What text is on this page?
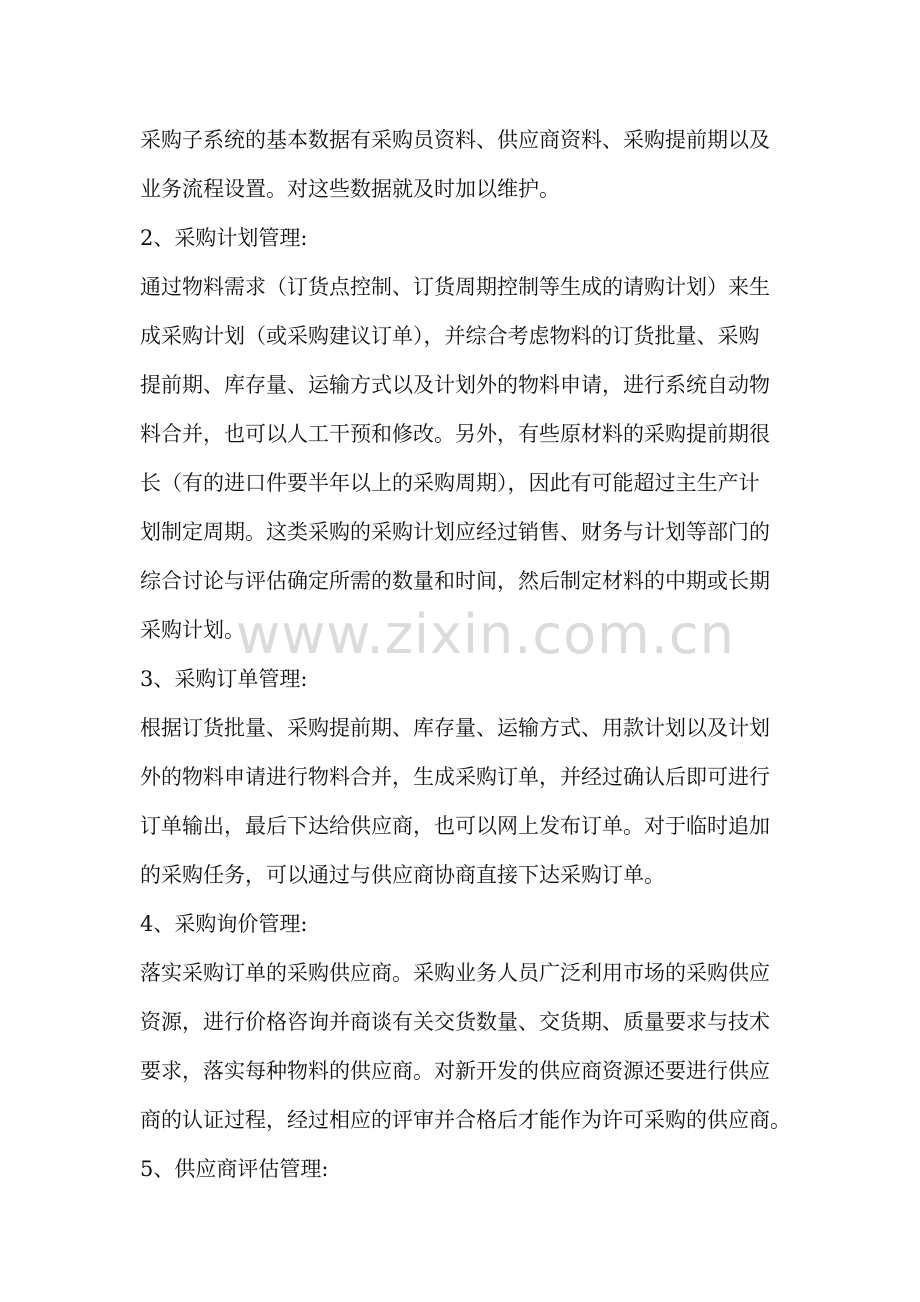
采购子系统的基本数据有采购员资料、供应商资料、采购提前期以及
业务流程设置。对这些数据就及时加以维护。
2、采购计划管理:
通过物料需求（订货点控制、订货周期控制等生成的请购计划）来生
成采购计划（或采购建议订单），并综合考虑物料的订货批量、采购
提前期、库存量、运输方式以及计划外的物料申请，进行系统自动物
料合并，也可以人工干预和修改。另外，有些原材料的采购提前期很
长（有的进口件要半年以上的采购周期），因此有可能超过主生产计
划制定周期。这类采购的采购计划应经过销售、财务与计划等部门的
综合讨论与评估确定所需的数量和时间，然后制定材料的中期或长期
采购计划。
3、采购订单管理:
根据订货批量、采购提前期、库存量、运输方式、用款计划以及计划
外的物料申请进行物料合并，生成采购订单，并经过确认后即可进行
订单输出，最后下达给供应商，也可以网上发布订单。对于临时追加
的采购任务，可以通过与供应商协商直接下达采购订单。
4、采购询价管理:
落实采购订单的采购供应商。采购业务人员广泛利用市场的采购供应
资源，进行价格咨询并商谈有关交货数量、交货期、质量要求与技术
要求，落实每种物料的供应商。对新开发的供应商资源还要进行供应
商的认证过程，经过相应的评审并合格后才能作为许可采购的供应商。
5、供应商评估管理:
www.zixin.com.cn
